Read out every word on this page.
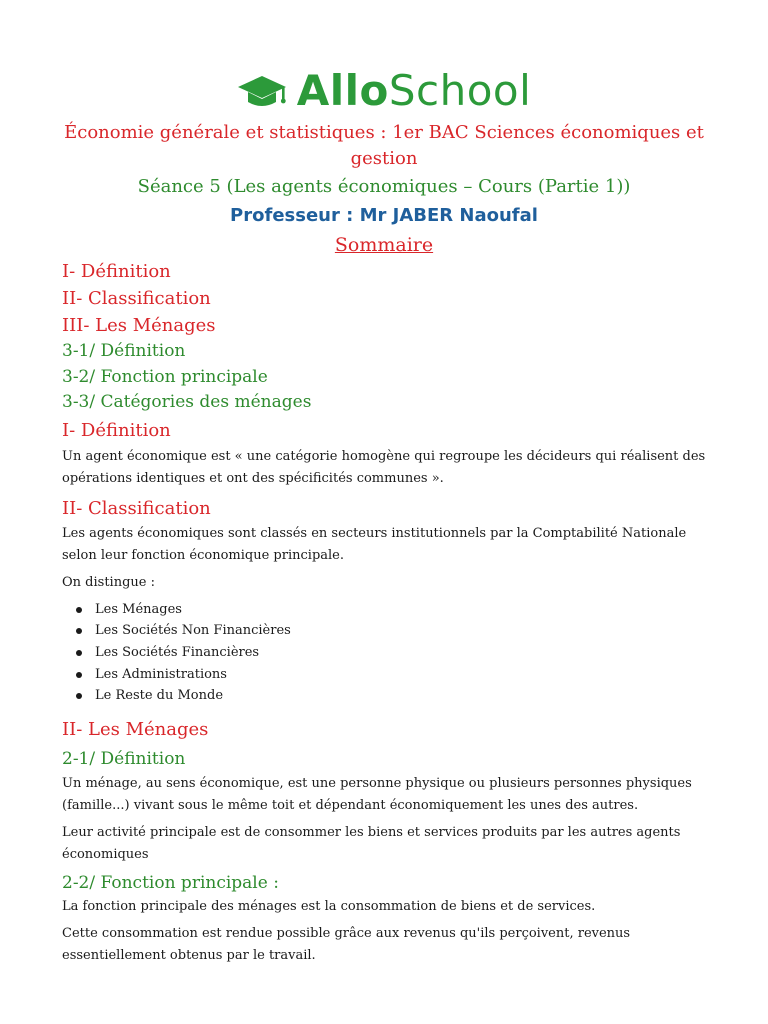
AlloSchool
Économie générale et statistiques : 1er BAC Sciences économiques et gestion
Séance 5 (Les agents économiques – Cours (Partie 1))
Professeur : Mr JABER Naoufal
Sommaire
I- Définition
II- Classification
III- Les Ménages
3-1/ Définition
3-2/ Fonction principale
3-3/ Catégories des ménages
I- Définition

Un agent économique est « une catégorie homogène qui regroupe les décideurs qui réalisent des opérations identiques et ont des spécificités communes ».

II- Classification

Les agents économiques sont classés en secteurs institutionnels par la Comptabilité Nationale selon leur fonction économique principale.

On distingue :

Les Ménages
Les Sociétés Non Financières
Les Sociétés Financières
Les Administrations
Le Reste du Monde
II- Les Ménages
2-1/ Définition

Un ménage, au sens économique, est une personne physique ou plusieurs personnes physiques (famille...) vivant sous le même toit et dépendant économiquement les unes des autres.

Leur activité principale est de consommer les biens et services produits par les autres agents économiques

2-2/ Fonction principale :

La fonction principale des ménages est la consommation de biens et de services.

Cette consommation est rendue possible grâce aux revenus qu'ils perçoivent, revenus essentiellement obtenus par le travail.
